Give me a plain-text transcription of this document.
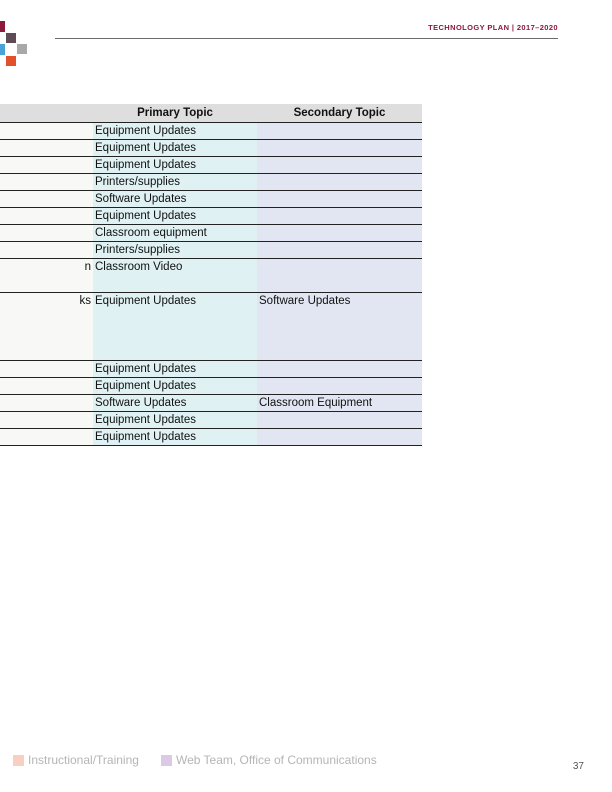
TECHNOLOGY PLAN | 2017–2020
Primary Topic	Secondary Topic
Equipment Updates
Equipment Updates
Equipment Updates
Printers/supplies
Software Updates
Equipment Updates
Classroom equipment
Printers/supplies
n Classroom Video
ks Equipment Updates	Software Updates
Equipment Updates
Equipment Updates
Software Updates	Classroom Equipment
Equipment Updates
Equipment Updates
Instructional/Training	Web Team, Office of Communications	37
